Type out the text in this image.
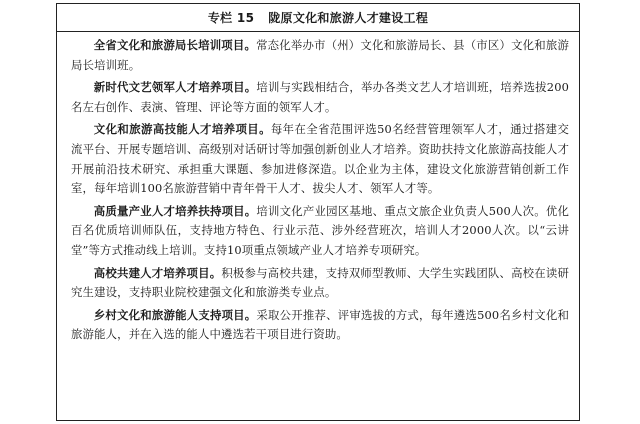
专栏 15 陇原文化和旅游人才建设工程

全省文化和旅游局长培训项目。常态化举办市（州）文化和旅游局长、县（市区）文化和旅游局长培训班。

新时代文艺领军人才培养项目。培训与实践相结合，举办各类文艺人才培训班，培养选拔200名左右创作、表演、管理、评论等方面的领军人才。

文化和旅游高技能人才培养项目。每年在全省范围评选50名经营管理领军人才，通过搭建交流平台、开展专题培训、高级别对话研讨等加强创新创业人才培养。资助扶持文化旅游高技能人才开展前沿技术研究、承担重大课题、参加进修深造。以企业为主体，建设文化旅游营销创新工作室，每年培训100名旅游营销中青年骨干人才、拔尖人才、领军人才等。

高质量产业人才培养扶持项目。培训文化产业园区基地、重点文旅企业负责人500人次。优化百名优质培训师队伍，支持地方特色、行业示范、涉外经营班次，培训人才2000人次。以“云讲堂”等方式推动线上培训。支持10项重点领域产业人才培养专项研究。

高校共建人才培养项目。积极参与高校共建，支持双师型教师、大学生实践团队、高校在读研究生建设，支持职业院校建强文化和旅游类专业点。

乡村文化和旅游能人支持项目。采取公开推荐、评审选拔的方式，每年遴选500名乡村文化和旅游能人，并在入选的能人中遴选若干项目进行资助。
